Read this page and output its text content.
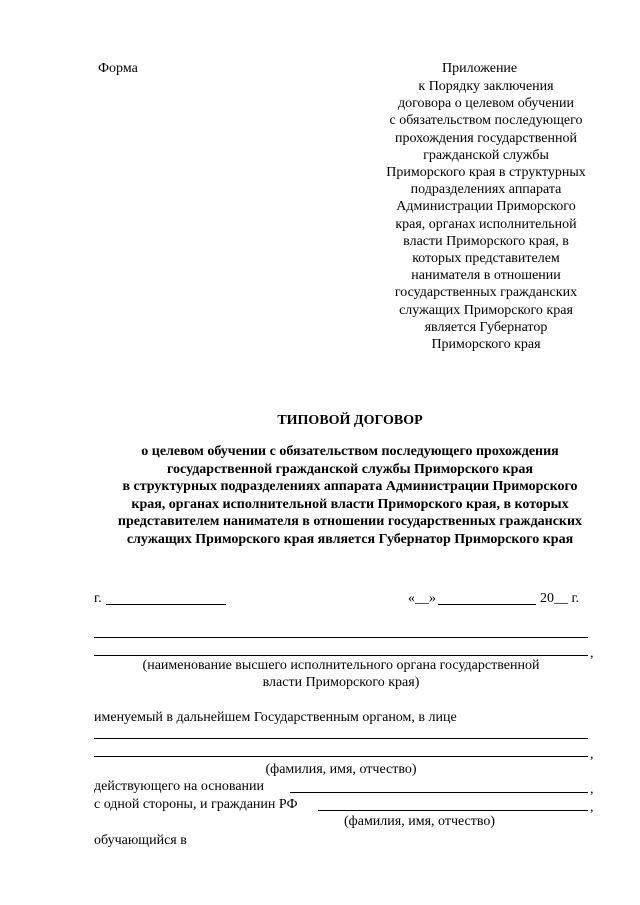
Форма	Приложение
к Порядку заключения
договора о целевом обучении
с обязательством последующего
прохождения государственной
гражданской службы
Приморского края в структурных
подразделениях аппарата
Администрации Приморского
края, органах исполнительной
власти Приморского края, в
которых представителем
нанимателя в отношении
государственных гражданских
служащих Приморского края
является Губернатор
Приморского края
ТИПОВОЙ ДОГОВОР
о целевом обучении с обязательством последующего прохождения
государственной гражданской службы Приморского края
в структурных подразделениях аппарата Администрации Приморского
края, органах исполнительной власти Приморского края, в которых
представителем нанимателя в отношении государственных гражданских
служащих Приморского края является Губернатор Приморского края
г.	«__»	20__ г.
,
(наименование высшего исполнительного органа государственной
власти Приморского края)
именуемый в дальнейшем Государственным органом, в лице
,
(фамилия, имя, отчество)
действующего на основании	,
с одной стороны, и гражданин РФ	,
(фамилия, имя, отчество)
обучающийся в
